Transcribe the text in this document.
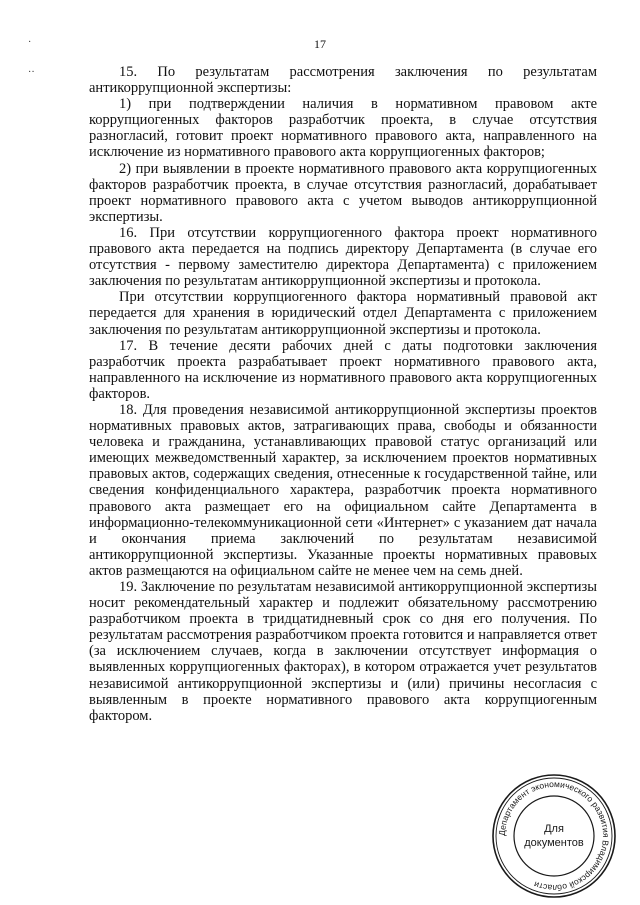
·
··
17

15. По результатам рассмотрения заключения по результатам антикоррупционной экспертизы:

1) при подтверждении наличия в нормативном правовом акте коррупциогенных факторов разработчик проекта, в случае отсутствия разногласий, готовит проект нормативного правового акта, направленного на исключение из нормативного правового акта коррупциогенных факторов;

2) при выявлении в проекте нормативного правового акта коррупциогенных факторов разработчик проекта, в случае отсутствия разногласий, дорабатывает проект нормативного правового акта с учетом выводов антикоррупционной экспертизы.

16. При отсутствии коррупциогенного фактора проект нормативного правового акта передается на подпись директору Департамента (в случае его отсутствия - первому заместителю директора Департамента) с приложением заключения по результатам антикоррупционной экспертизы и протокола.

При отсутствии коррупциогенного фактора нормативный правовой акт передается для хранения в юридический отдел Департамента с приложением заключения по результатам антикоррупционной экспертизы и протокола.

17. В течение десяти рабочих дней с даты подготовки заключения разработчик проекта разрабатывает проект нормативного правового акта, направленного на исключение из нормативного правового акта коррупциогенных факторов.

18. Для проведения независимой антикоррупционной экспертизы проектов нормативных правовых актов, затрагивающих права, свободы и обязанности человека и гражданина, устанавливающих правовой статус организаций или имеющих межведомственный характер, за исключением проектов нормативных правовых актов, содержащих сведения, отнесенные к государственной тайне, или сведения конфиденциального характера, разработчик проекта нормативного правового акта размещает его на официальном сайте Департамента в информационно-телекоммуникационной сети «Интернет» с указанием дат начала и окончания приема заключений по результатам независимой антикоррупционной экспертизы. Указанные проекты нормативных правовых актов размещаются на официальном сайте не менее чем на семь дней.

19. Заключение по результатам независимой антикоррупционной экспертизы носит рекомендательный характер и подлежит обязательному рассмотрению разработчиком проекта в тридцатидневный срок со дня его получения. По результатам рассмотрения разработчиком проекта готовится и направляется ответ (за исключением случаев, когда в заключении отсутствует информация о выявленных коррупциогенных факторах), в котором отражается учет результатов независимой антикоррупционной экспертизы и (или) причины несогласия с выявленным в проекте нормативного правового акта коррупциогенным фактором.

Департамент экономического развития Владимирской области
Для
документов
